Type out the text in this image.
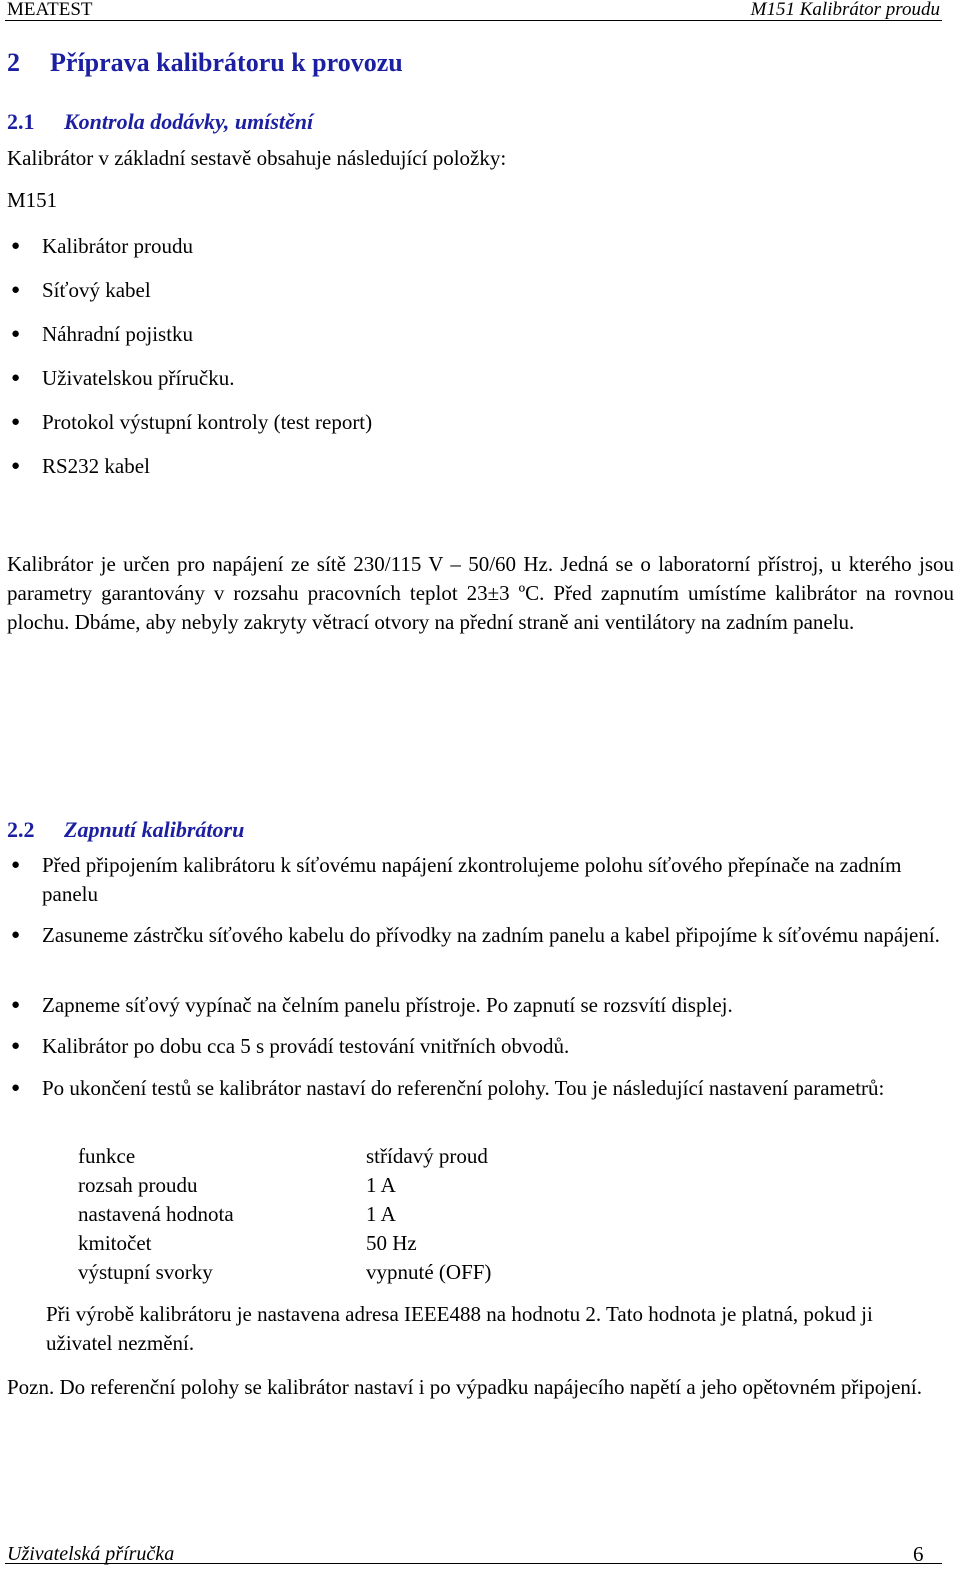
MEATEST	M151 Kalibrátor proudu
2 Příprava kalibrátoru k provozu
2.1 Kontrola dodávky, umístění
Kalibrátor v základní sestavě obsahuje následující položky:
M151
● Kalibrátor proudu
● Síťový kabel
● Náhradní pojistku
● Uživatelskou příručku.
● Protokol výstupní kontroly (test report)
● RS232 kabel
Kalibrátor je určen pro napájení ze sítě 230/115 V – 50/60 Hz. Jedná se o laboratorní přístroj, u kterého jsou parametry garantovány v rozsahu pracovních teplot 23±3 ºC. Před zapnutím umístíme kalibrátor na rovnou plochu. Dbáme, aby nebyly zakryty větrací otvory na přední straně ani ventilátory na zadním panelu.
2.2 Zapnutí kalibrátoru
● Před připojením kalibrátoru k síťovému napájení zkontrolujeme polohu síťového přepínače na zadním panelu
● Zasuneme zástrčku síťového kabelu do přívodky na zadním panelu a kabel připojíme k síťovému napájení.
● Zapneme síťový vypínač na čelním panelu přístroje. Po zapnutí se rozsvítí displej.
● Kalibrátor po dobu cca 5 s provádí testování vnitřních obvodů.
● Po ukončení testů se kalibrátor nastaví do referenční polohy. Tou je následující nastavení parametrů:
funkce	střídavý proud
rozsah proudu	1 A
nastavená hodnota	1 A
kmitočet	50 Hz
výstupní svorky	vypnuté (OFF)
Při výrobě kalibrátoru je nastavena adresa IEEE488 na hodnotu 2. Tato hodnota je platná, pokud ji uživatel nezmění.
Pozn. Do referenční polohy se kalibrátor nastaví i po výpadku napájecího napětí a jeho opětovném připojení.
Uživatelská příručka	6
